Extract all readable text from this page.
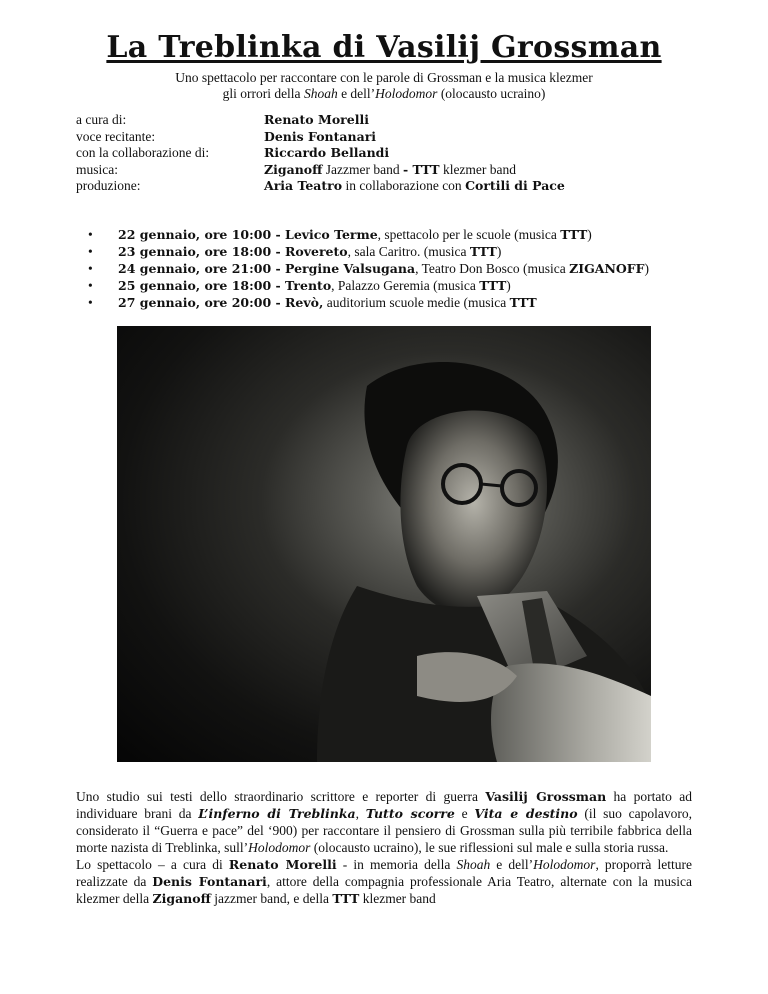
La Treblinka di Vasilij Grossman
Uno spettacolo per raccontare con le parole di Grossman e la musica klezmer
gli orrori della Shoah e dell’Holodomor (olocausto ucraino)
a cura di:	Renato Morelli
voce recitante:	Denis Fontanari
con la collaborazione di:	Riccardo Bellandi
musica:	Ziganoff Jazzmer band - TTT klezmer band
produzione:	Aria Teatro in collaborazione con Cortili di Pace
•	22 gennaio, ore 10:00 - Levico Terme, spettacolo per le scuole (musica TTT)
•	23 gennaio, ore 18:00 - Rovereto, sala Caritro. (musica TTT)
•	24 gennaio, ore 21:00 - Pergine Valsugana, Teatro Don Bosco (musica ZIGANOFF)
•	25 gennaio, ore 18:00 - Trento, Palazzo Geremia (musica TTT)
•	27 gennaio, ore 20:00 - Revò, auditorium scuole medie (musica TTT

Uno studio sui testi dello straordinario scrittore e reporter di guerra Vasilij Grossman ha portato ad individuare brani da L’inferno di Treblinka, Tutto scorre e Vita e destino (il suo capolavoro, considerato il “Guerra e pace” del ‘900) per raccontare il pensiero di Grossman sulla più terribile fabbrica della morte nazista di Treblinka, sull’Holodomor (olocausto ucraino), le sue riflessioni sul male e sulla storia russa.

Lo spettacolo – a cura di Renato Morelli - in memoria della Shoah e dell’Holodomor, proporrà letture realizzate da Denis Fontanari, attore della compagnia professionale Aria Teatro, alternate con la musica klezmer della Ziganoff jazzmer band, e della TTT klezmer band
